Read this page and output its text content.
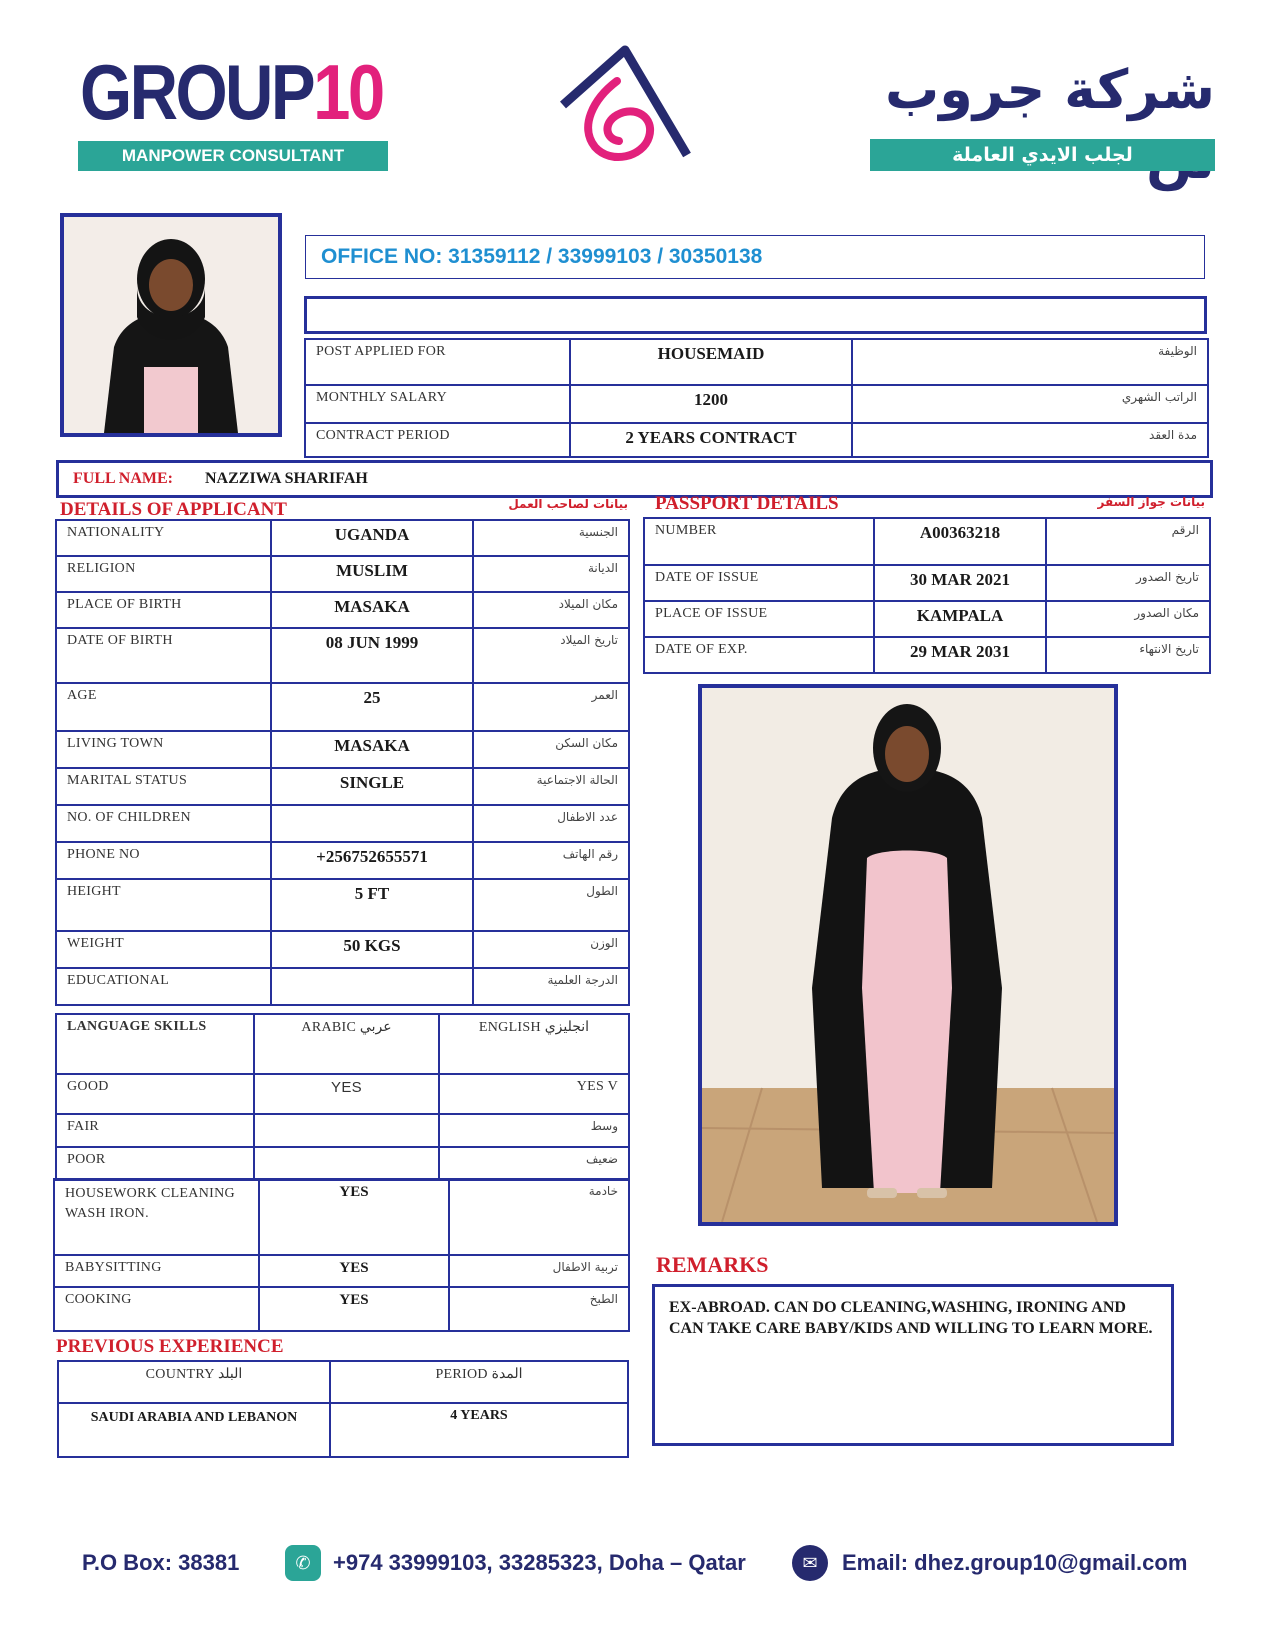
GROUP10
MANPOWER CONSULTANT
شركة جروب
لجلب الايدي العاملة
OFFICE NO: 31359112 / 33999103 / 30350138
POST APPLIED FOR	HOUSEMAID	الوظيفة
MONTHLY SALARY	1200	الراتب الشهري
CONTRACT PERIOD	2 YEARS CONTRACT	مدة العقد
FULL NAME: NAZZIWA SHARIFAH
DETAILS OF APPLICANT	بيانات لصاحب العمل
NATIONALITY	UGANDA	الجنسية
RELIGION	MUSLIM	الديانة
PLACE OF BIRTH	MASAKA	مكان الميلاد
DATE OF BIRTH	08 JUN 1999	تاريخ الميلاد
AGE	25	العمر
LIVING TOWN	MASAKA	مكان السكن
MARITAL STATUS	SINGLE	الحالة الاجتماعية
NO. OF CHILDREN		عدد الاطفال
PHONE NO	+256752655571	رقم الهاتف
HEIGHT	5 FT	الطول
WEIGHT	50 KGS	الوزن
EDUCATIONAL		الدرجة العلمية
LANGUAGE SKILLS	ARABIC عربي	ENGLISH انجليزي
GOOD	YES	YES V
FAIR		وسط
POOR		ضعيف
HOUSEWORK CLEANING WASH IRON.	YES	خادمة
BABYSITTING	YES	تربية الاطفال
COOKING	YES	الطبخ
PREVIOUS EXPERIENCE
COUNTRY البلد	PERIOD المدة
SAUDI ARABIA AND LEBANON	4 YEARS
PASSPORT DETAILS	بيانات جواز السفر
NUMBER	A00363218	الرقم
DATE OF ISSUE	30 MAR 2021	تاريخ الصدور
PLACE OF ISSUE	KAMPALA	مكان الصدور
DATE OF EXP.	29 MAR 2031	تاريخ الانتهاء
REMARKS
EX-ABROAD. CAN DO CLEANING,WASHING, IRONING AND CAN TAKE CARE BABY/KIDS AND WILLING TO LEARN MORE.
P.O Box: 38381	✆	+974 33999103, 33285323, Doha – Qatar	✉	Email: dhez.group10@gmail.com
